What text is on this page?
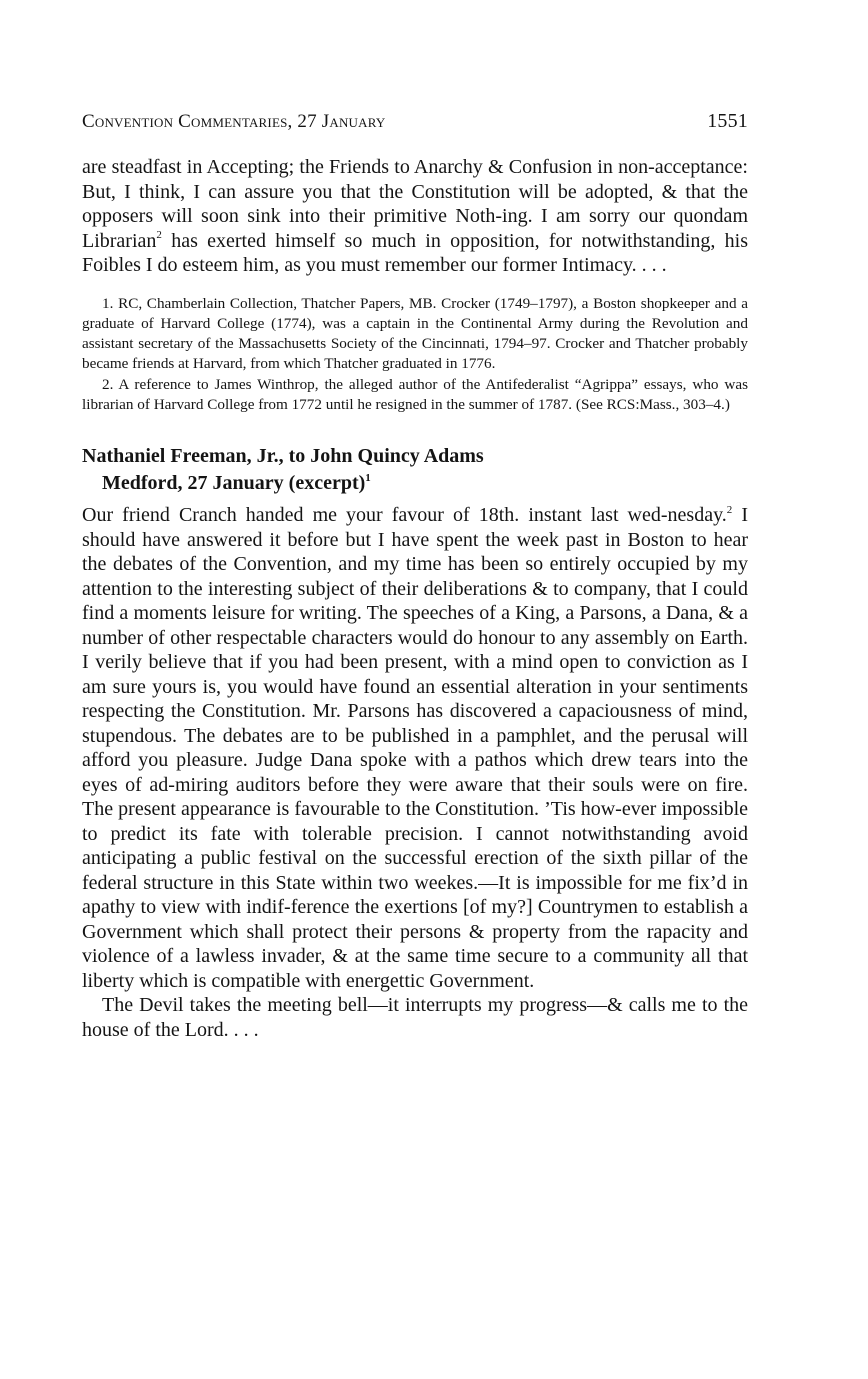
Convention Commentaries, 27 January	1551

are steadfast in Accepting; the Friends to Anarchy & Confusion in non-acceptance: But, I think, I can assure you that the Constitution will be adopted, & that the opposers will soon sink into their primitive Noth-ing. I am sorry our quondam Librarian$^2$ has exerted himself so much in opposition, for notwithstanding, his Foibles I do esteem him, as you must remember our former Intimacy. . . .

1. RC, Chamberlain Collection, Thatcher Papers, MB. Crocker (1749–1797), a Boston shopkeeper and a graduate of Harvard College (1774), was a captain in the Continental Army during the Revolution and assistant secretary of the Massachusetts Society of the Cincinnati, 1794–97. Crocker and Thatcher probably became friends at Harvard, from which Thatcher graduated in 1776.

2. A reference to James Winthrop, the alleged author of the Antifederalist “Agrippa” essays, who was librarian of Harvard College from 1772 until he resigned in the summer of 1787. (See RCS:Mass., 303–4.)

Nathaniel Freeman, Jr., to John Quincy Adams
Medford, 27 January (excerpt)$^1$

Our friend Cranch handed me your favour of 18th. instant last wed-nesday.$^2$ I should have answered it before but I have spent the week past in Boston to hear the debates of the Convention, and my time has been so entirely occupied by my attention to the interesting subject of their deliberations & to company, that I could find a moments leisure for writing. The speeches of a King, a Parsons, a Dana, & a number of other respectable characters would do honour to any assembly on Earth. I verily believe that if you had been present, with a mind open to conviction as I am sure yours is, you would have found an essential alteration in your sentiments respecting the Constitution. Mr. Parsons has discovered a capaciousness of mind, stupendous. The debates are to be published in a pamphlet, and the perusal will afford you pleasure. Judge Dana spoke with a pathos which drew tears into the eyes of ad-miring auditors before they were aware that their souls were on fire. The present appearance is favourable to the Constitution. ’Tis how-ever impossible to predict its fate with tolerable precision. I cannot notwithstanding avoid anticipating a public festival on the successful erection of the sixth pillar of the federal structure in this State within two weekes.—It is impossible for me fix’d in apathy to view with indif-ference the exertions [of my?] Countrymen to establish a Government which shall protect their persons & property from the rapacity and violence of a lawless invader, & at the same time secure to a community all that liberty which is compatible with energettic Government.

The Devil takes the meeting bell—it interrupts my progress—& calls me to the house of the Lord. . . .
